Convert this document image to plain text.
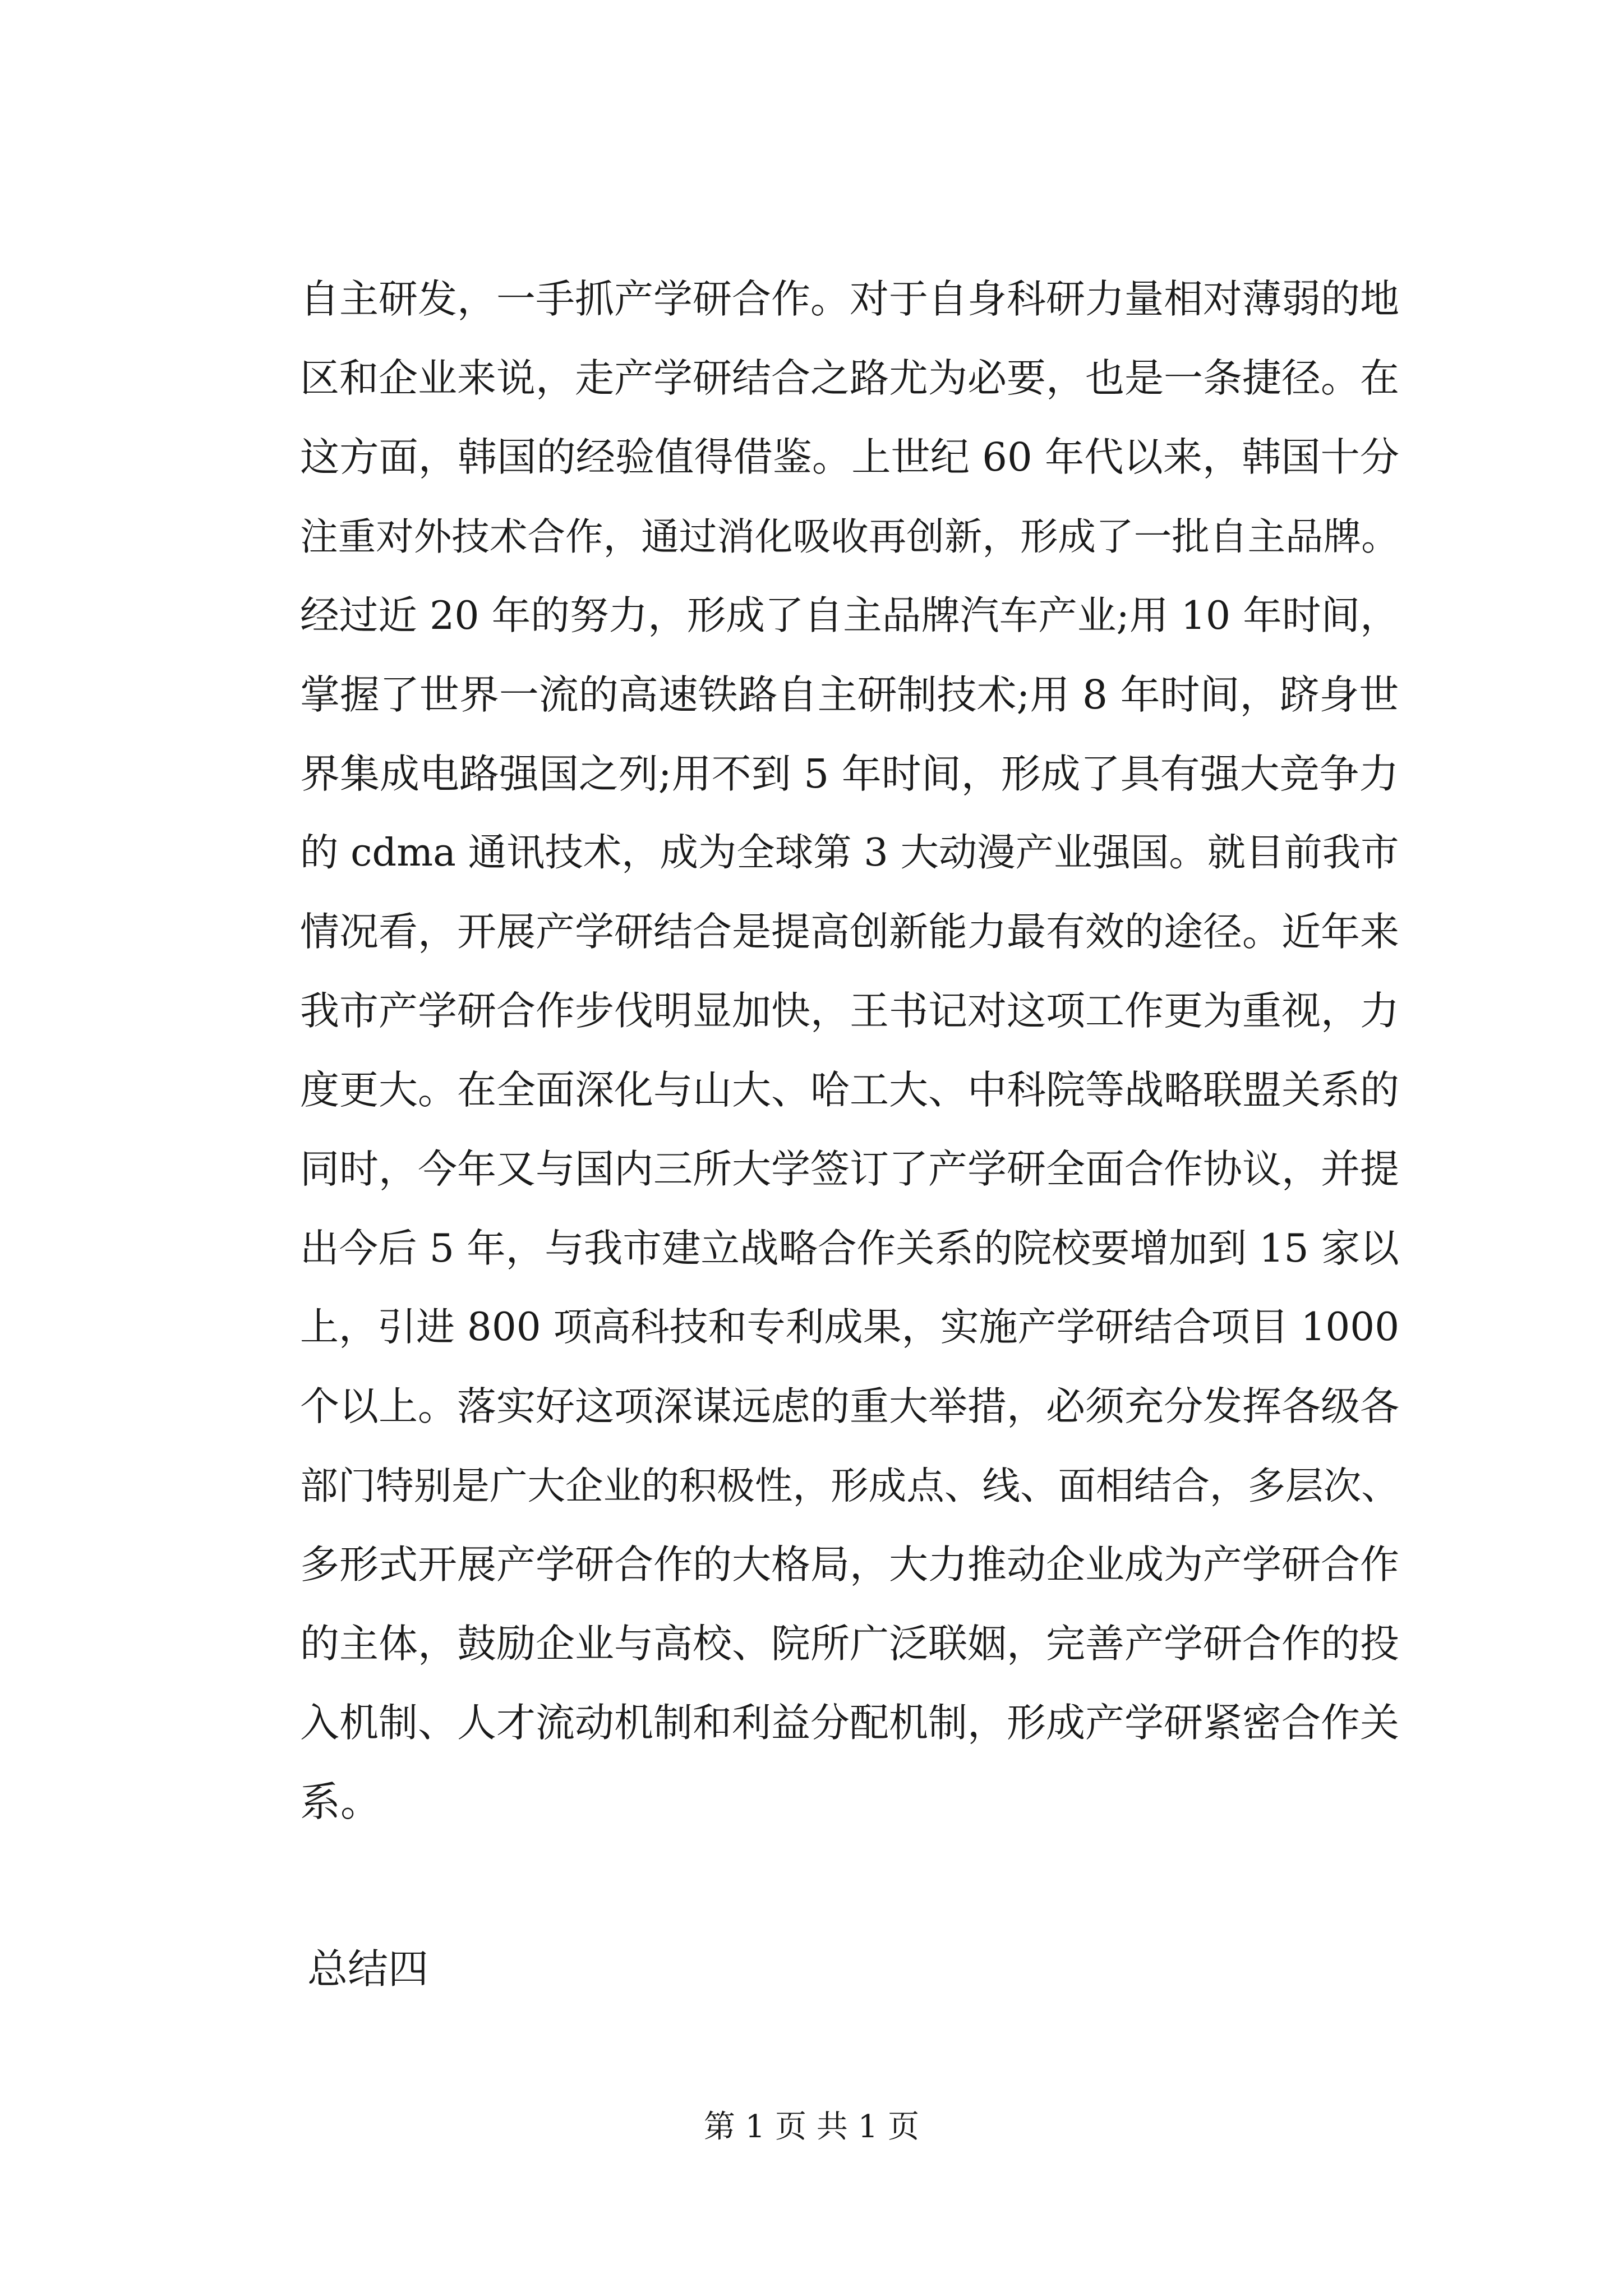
自主研发，一手抓产学研合作。对于自身科研力量相对薄弱的地
区和企业来说，走产学研结合之路尤为必要，也是一条捷径。在
这方面，韩国的经验值得借鉴。上世纪 60 年代以来，韩国十分
注重对外技术合作，通过消化吸收再创新，形成了一批自主品牌。
经过近 20 年的努力，形成了自主品牌汽车产业;用 10 年时间，
掌握了世界一流的高速铁路自主研制技术;用 8 年时间，跻身世
界集成电路强国之列;用不到 5 年时间，形成了具有强大竞争力
的 cdma 通讯技术，成为全球第 3 大动漫产业强国。就目前我市
情况看，开展产学研结合是提高创新能力最有效的途径。近年来
我市产学研合作步伐明显加快，王书记对这项工作更为重视，力
度更大。在全面深化与山大、哈工大、中科院等战略联盟关系的
同时，今年又与国内三所大学签订了产学研全面合作协议，并提
出今后 5 年，与我市建立战略合作关系的院校要增加到 15 家以
上，引进 800 项高科技和专利成果，实施产学研结合项目 1000
个以上。落实好这项深谋远虑的重大举措，必须充分发挥各级各
部门特别是广大企业的积极性，形成点、线、面相结合，多层次、
多形式开展产学研合作的大格局，大力推动企业成为产学研合作
的主体，鼓励企业与高校、院所广泛联姻，完善产学研合作的投
入机制、人才流动机制和利益分配机制，形成产学研紧密合作关
系。
总结四
第 1 页 共 1 页
